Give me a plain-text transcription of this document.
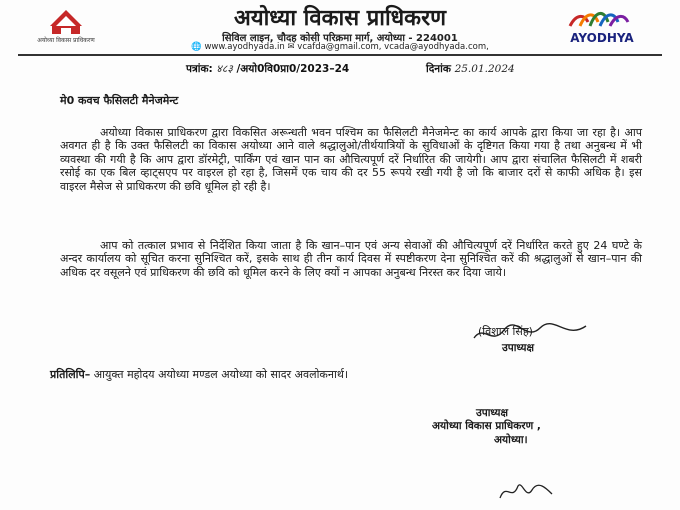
अयोध्या विकास प्राधिकरण	AYODHYA
अयोध्या विकास प्राधिकरण
सिविल लाइन, चौदह कोसी परिक्रमा मार्ग, अयोध्या - 224001
🌐 www.ayodhyada.in ✉ vcafda@gmail.com, vcada@ayodhyada.com,
पत्रांक: ४८३ /अयो0वि0प्रा0/2023–24	दिनांक 25.01.2024
मे0 कवच फैसिलटी मैनेजमेन्ट
अयोध्या विकास प्राधिकरण द्वारा विकसित अरून्धती भवन पश्चिम का फैसिलटी मैनेजमेन्ट का कार्य आपके द्वारा किया जा रहा है। आप अवगत ही है कि उक्त फैसिलटी का विकास अयोध्या आने वाले श्रद्धालुओ/तीर्थयात्रियों के सुविधाओं के दृष्टिगत किया गया है तथा अनुबन्ध में भी व्यवस्था की गयी है कि आप द्वारा डॉरमेट्री, पार्किंग एवं खान पान का औचित्यपूर्ण दरें निर्धारित की जायेगी। आप द्वारा संचालित फैसिलटी में शबरी रसोई का एक बिल व्हाट्सएप पर वाइरल हो रहा है, जिसमें एक चाय की दर 55 रूपये रखी गयी है जो कि बाजार दरों से काफी अधिक है। इस वाइरल मैसेज से प्राधिकरण की छवि धूमिल हो रही है।
आप को तत्काल प्रभाव से निर्देशित किया जाता है कि खान–पान एवं अन्य सेवाओं की औचित्यपूर्ण दरें निर्धारित करते हुए 24 घण्टे के अन्दर कार्यालय को सूचित करना सुनिश्चित करें, इसके साथ ही तीन कार्य दिवस में स्पष्टीकरण देना सुनिश्चित करें की श्रद्धालुओं से खान–पान की अधिक दर वसूलने एवं प्राधिकरण की छवि को धूमिल करने के लिए क्यों न आपका अनुबन्ध निरस्त कर दिया जाये।
(विशाल सिंह)
उपाध्यक्ष
प्रतिलिपि– आयुक्त महोदय अयोध्या मण्डल अयोध्या को सादर अवलोकनार्थ।
उपाध्यक्ष
अयोध्या विकास प्राधिकरण ,
अयोध्या।
